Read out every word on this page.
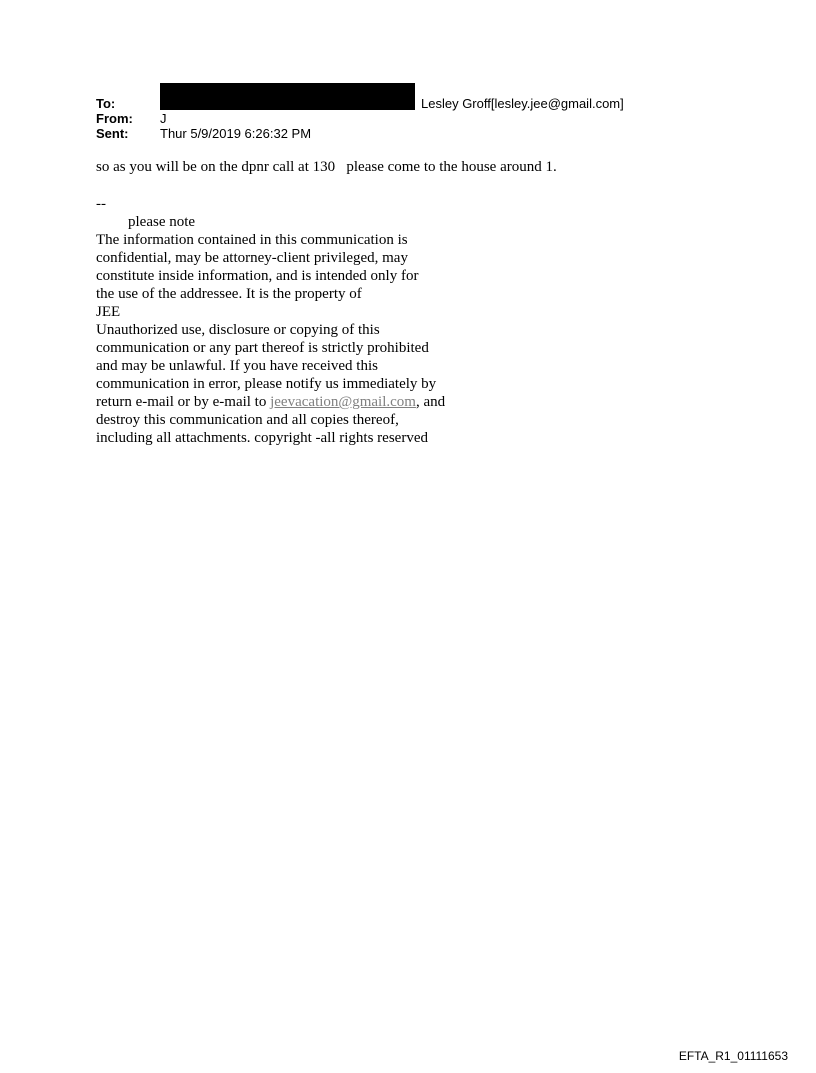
To:
From:	J
Sent:	Thur 5/9/2019 6:26:32 PM
Lesley Groff[lesley.jee@gmail.com]
so as you will be on the dpnr call at 130   please come to the house around 1.
--
please note
The information contained in this communication is
confidential, may be attorney-client privileged, may
constitute inside information, and is intended only for
the use of the addressee. It is the property of
JEE
Unauthorized use, disclosure or copying of this
communication or any part thereof is strictly prohibited
and may be unlawful. If you have received this
communication in error, please notify us immediately by
return e-mail or by e-mail to jeevacation@gmail.com, and
destroy this communication and all copies thereof,
including all attachments. copyright -all rights reserved
EFTA_R1_01111653
